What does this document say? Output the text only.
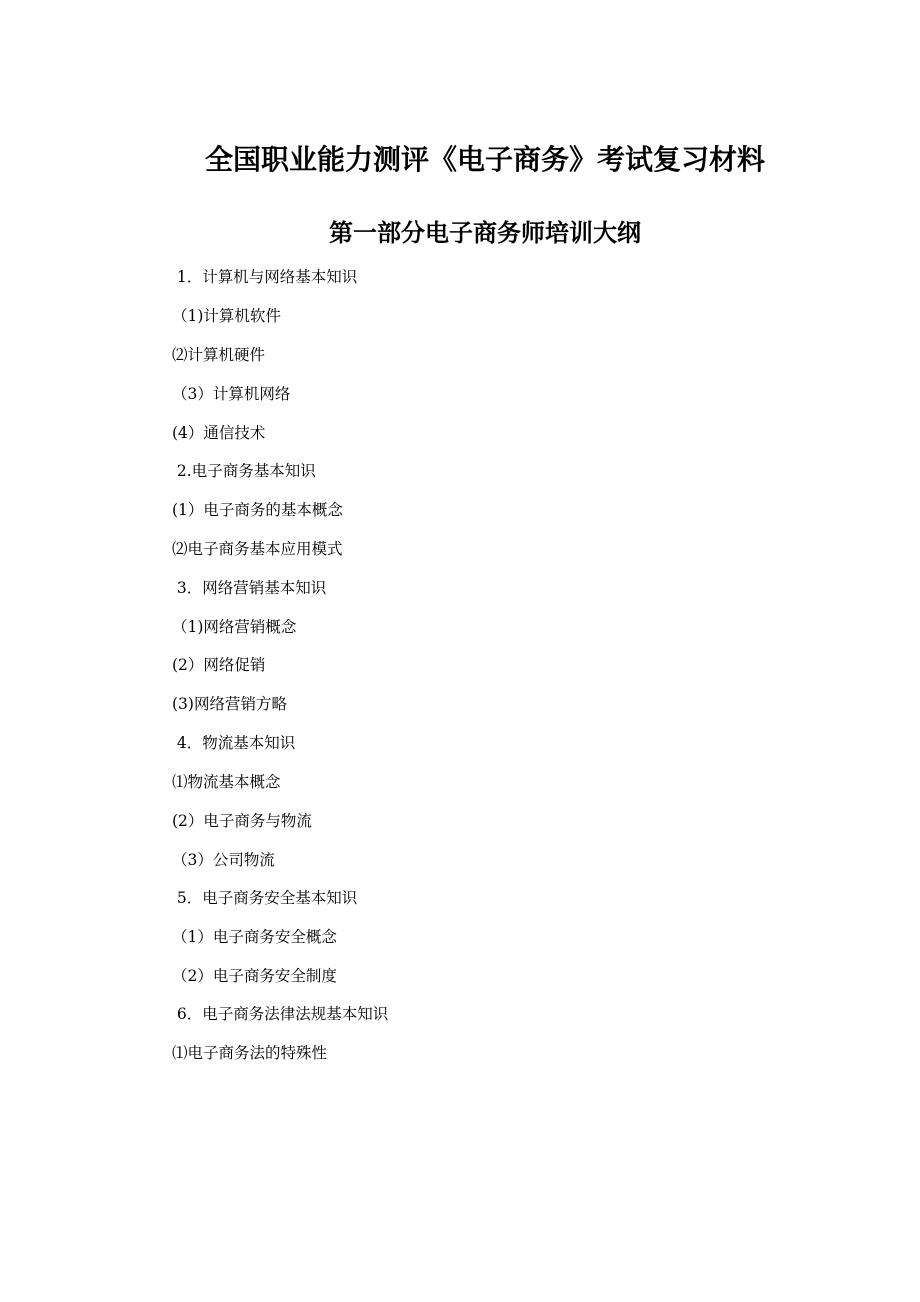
全国职业能力测评《电子商务》考试复习材料
第一部分电子商务师培训大纲
1．计算机与网络基本知识
（1)计算机软件
⑵计算机硬件
（3）计算机网络
(4）通信技术
2.电子商务基本知识
(1）电子商务的基本概念
⑵电子商务基本应用模式
3．网络营销基本知识
（1)网络营销概念
(2）网络促销
(3)网络营销方略
4．物流基本知识
⑴物流基本概念
(2）电子商务与物流
（3）公司物流
5．电子商务安全基本知识
（1）电子商务安全概念
（2）电子商务安全制度
6．电子商务法律法规基本知识
⑴电子商务法的特殊性
